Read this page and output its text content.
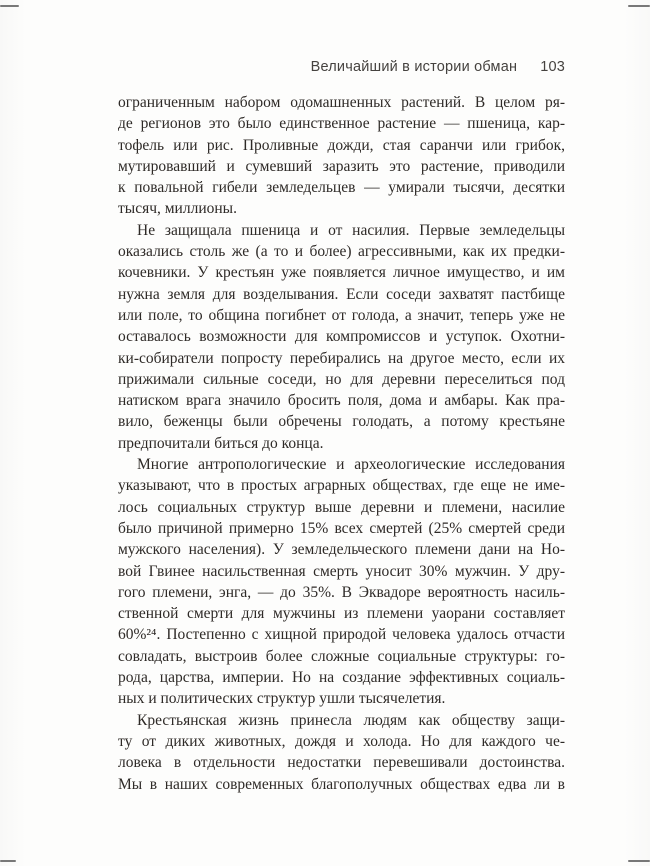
Величайший в истории обман 103
ограниченным набором одомашненных растений. В целом ря-
де регионов это было единственное растение — пшеница, кар-
тофель или рис. Проливные дожди, стая саранчи или грибок,
мутировавший и сумевший заразить это растение, приводили
к повальной гибели земледельцев — умирали тысячи, десятки
тысяч, миллионы.
Не защищала пшеница и от насилия. Первые земледельцы
оказались столь же (а то и более) агрессивными, как их предки-
кочевники. У крестьян уже появляется личное имущество, и им
нужна земля для возделывания. Если соседи захватят пастбище
или поле, то община погибнет от голода, а значит, теперь уже не
оставалось возможности для компромиссов и уступок. Охотни-
ки-собиратели попросту перебирались на другое место, если их
прижимали сильные соседи, но для деревни переселиться под
натиском врага значило бросить поля, дома и амбары. Как пра-
вило, беженцы были обречены голодать, а потому крестьяне
предпочитали биться до конца.
Многие антропологические и археологические исследования
указывают, что в простых аграрных обществах, где еще не име-
лось социальных структур выше деревни и племени, насилие
было причиной примерно 15% всех смертей (25% смертей среди
мужского населения). У земледельческого племени дани на Но-
вой Гвинее насильственная смерть уносит 30% мужчин. У дру-
гого племени, энга, — до 35%. В Эквадоре вероятность насиль-
ственной смерти для мужчины из племени уаорани составляет
60%²⁴. Постепенно с хищной природой человека удалось отчасти
совладать, выстроив более сложные социальные структуры: го-
рода, царства, империи. Но на создание эффективных социаль-
ных и политических структур ушли тысячелетия.
Крестьянская жизнь принесла людям как обществу защи-
ту от диких животных, дождя и холода. Но для каждого че-
ловека в отдельности недостатки перевешивали достоинства.
Мы в наших современных благополучных обществах едва ли в
